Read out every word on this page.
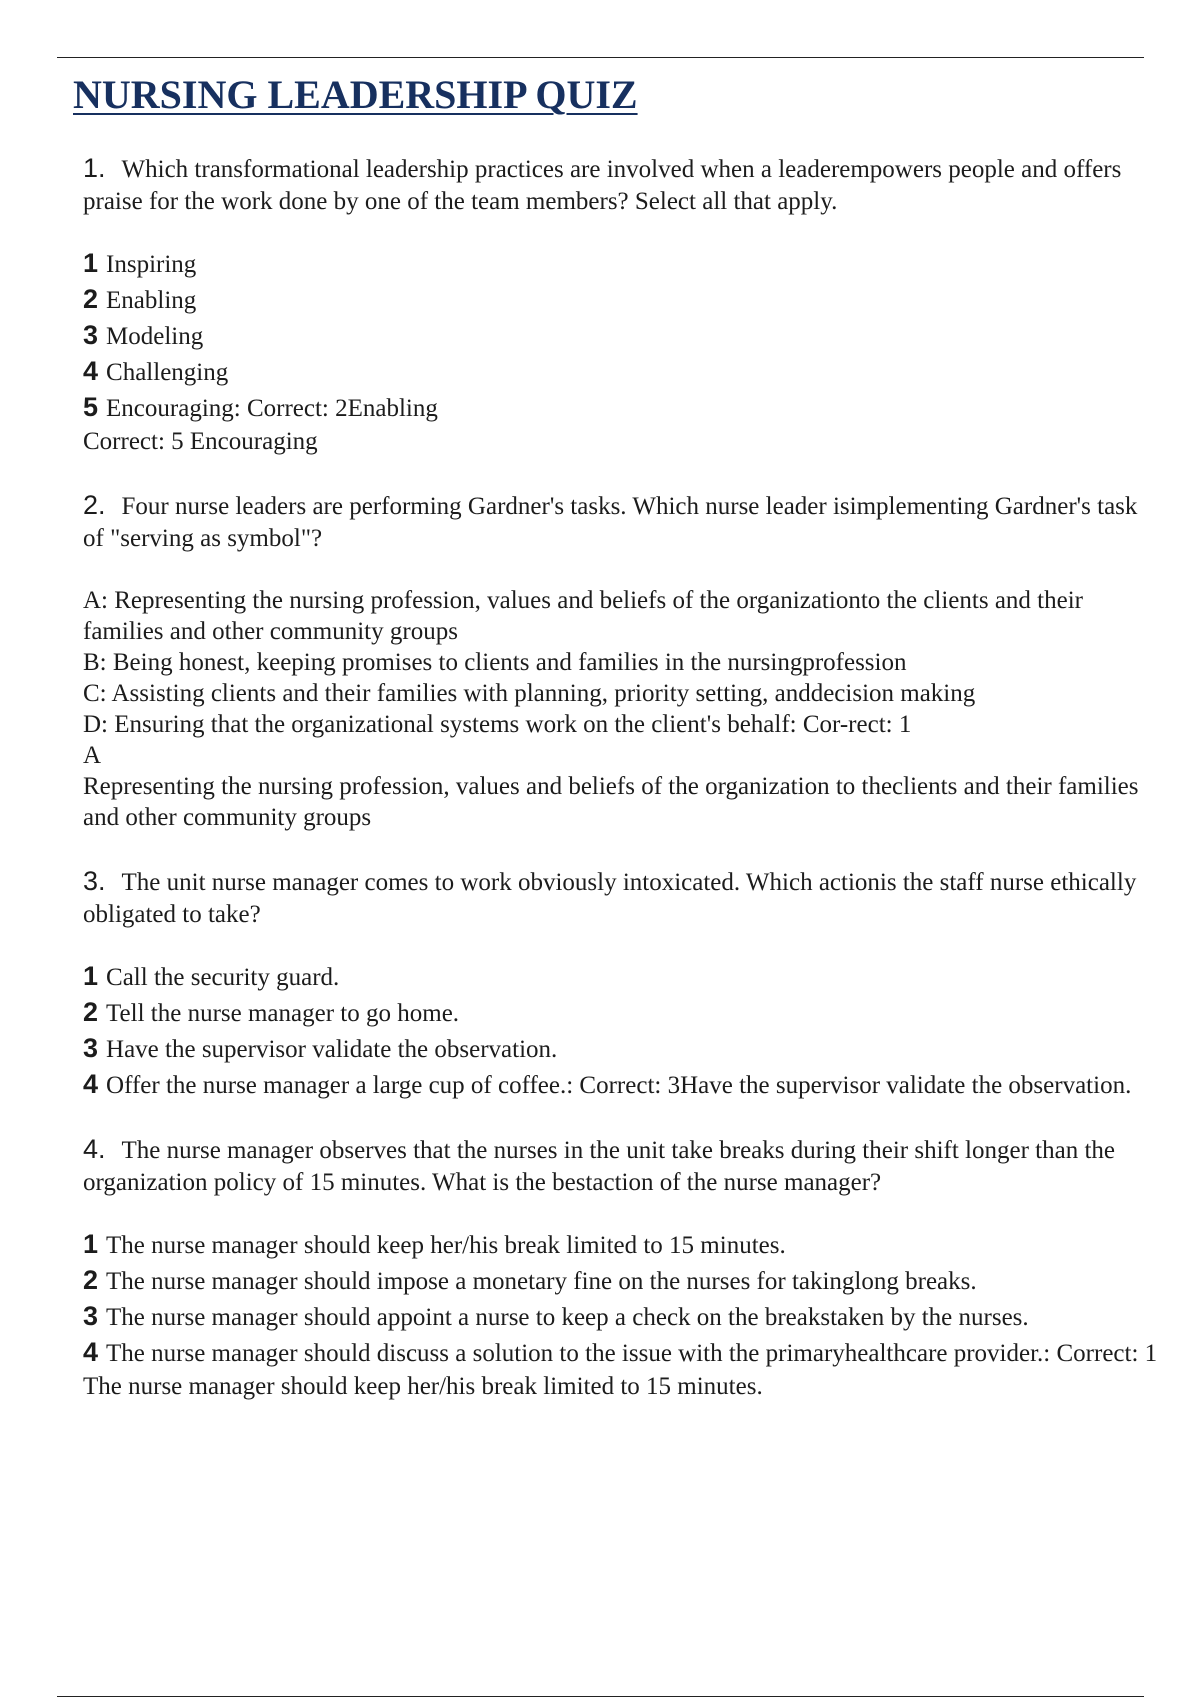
NURSING LEADERSHIP QUIZ
1. Which transformational leadership practices are involved when a leaderempowers people and offers praise for the work done by one of the team members? Select all that apply.
1 Inspiring
2 Enabling
3 Modeling
4 Challenging
5 Encouraging: Correct: 2Enabling
Correct: 5 Encouraging
2. Four nurse leaders are performing Gardner's tasks. Which nurse leader isimplementing Gardner's task of "serving as symbol"?
A: Representing the nursing profession, values and beliefs of the organizationto the clients and their families and other community groups
B: Being honest, keeping promises to clients and families in the nursingprofession
C: Assisting clients and their families with planning, priority setting, anddecision making
D: Ensuring that the organizational systems work on the client's behalf: Cor-rect: 1
A
Representing the nursing profession, values and beliefs of the organization to theclients and their families and other community groups
3. The unit nurse manager comes to work obviously intoxicated. Which actionis the staff nurse ethically obligated to take?
1 Call the security guard.
2 Tell the nurse manager to go home.
3 Have the supervisor validate the observation.
4 Offer the nurse manager a large cup of coffee.: Correct: 3Have the supervisor validate the observation.
4. The nurse manager observes that the nurses in the unit take breaks during their shift longer than the organization policy of 15 minutes. What is the bestaction of the nurse manager?
1 The nurse manager should keep her/his break limited to 15 minutes.
2 The nurse manager should impose a monetary fine on the nurses for takinglong breaks.
3 The nurse manager should appoint a nurse to keep a check on the breakstaken by the nurses.
4 The nurse manager should discuss a solution to the issue with the primaryhealthcare provider.: Correct: 1
The nurse manager should keep her/his break limited to 15 minutes.
